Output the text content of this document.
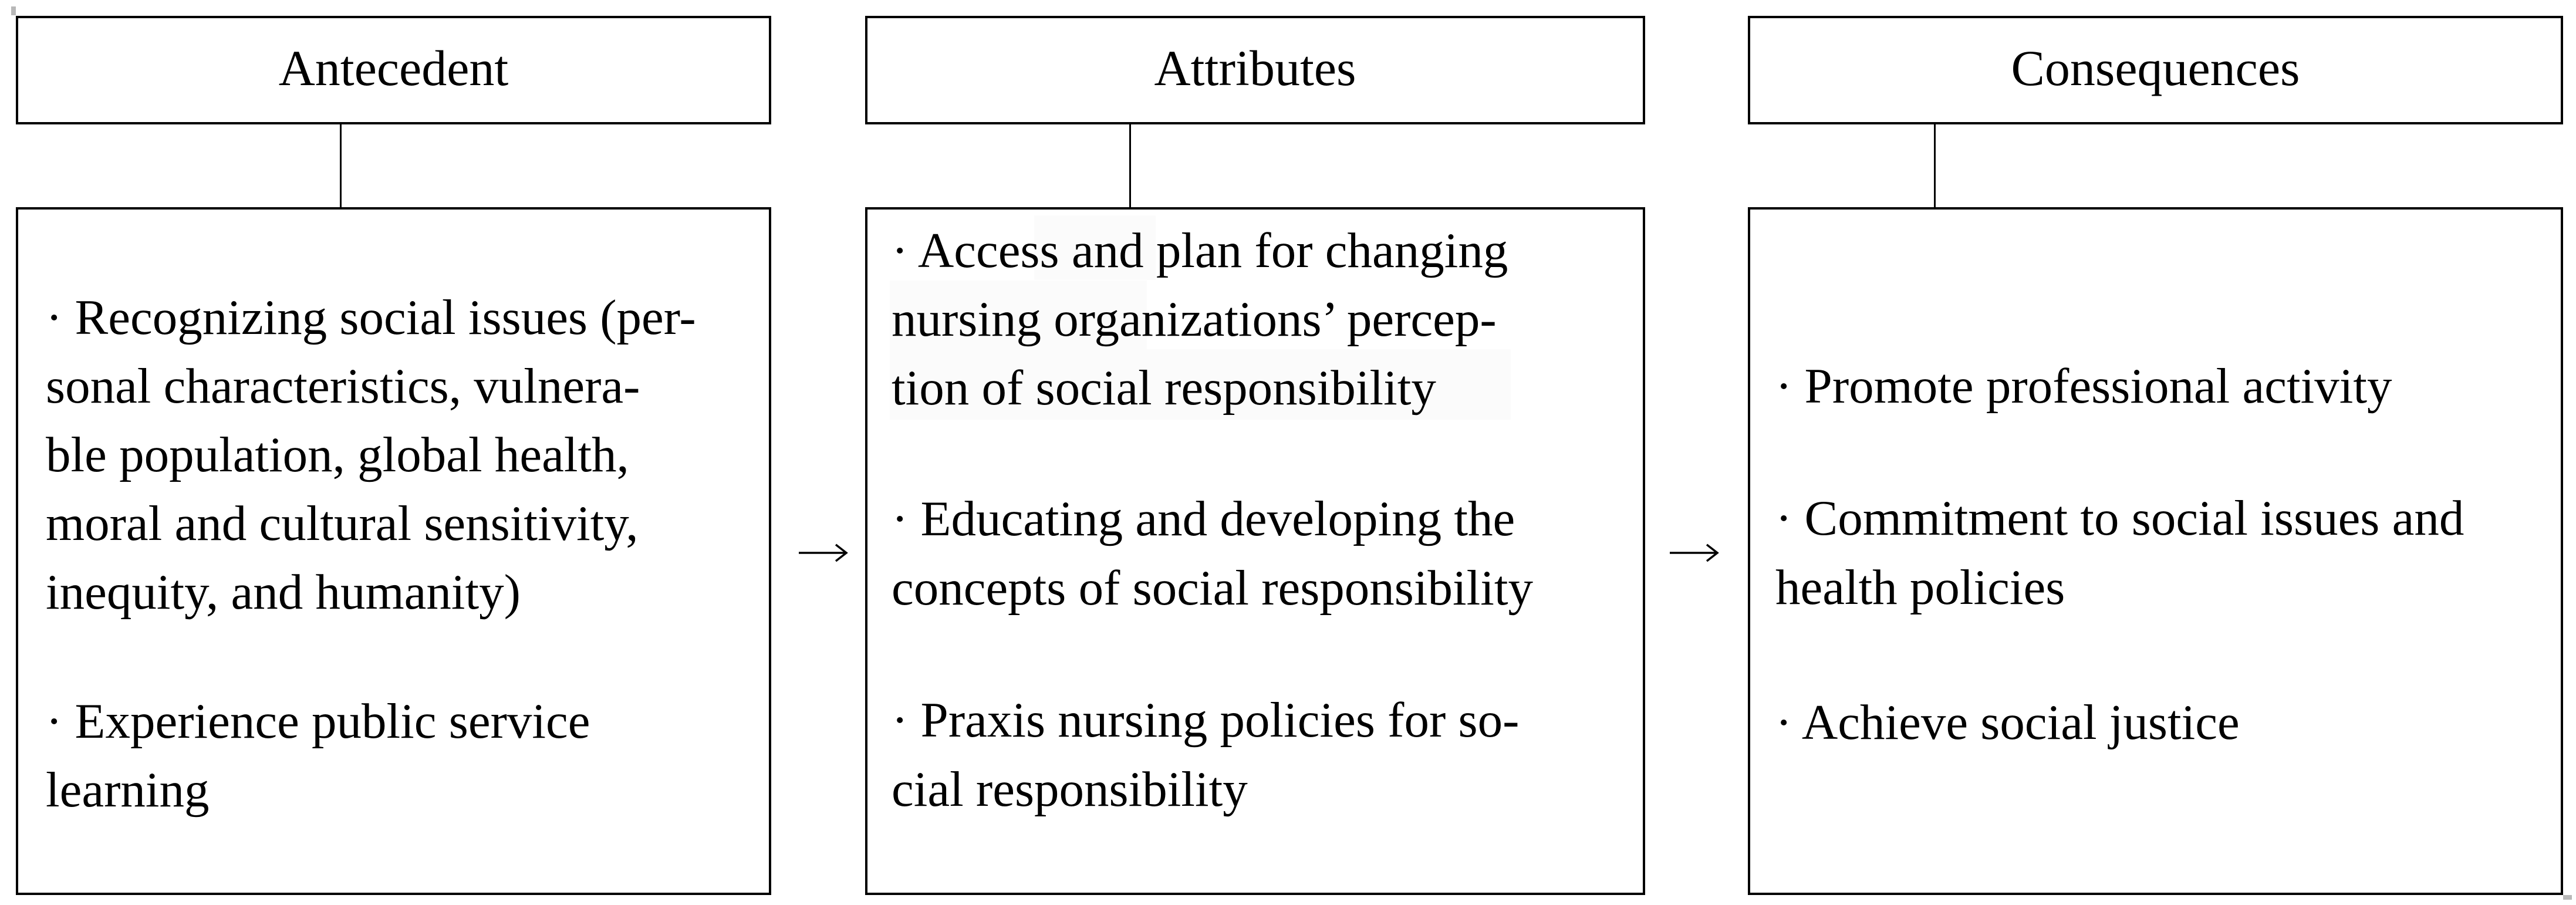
Antecedent
· Recognizing social issues (per-
sonal characteristics, vulnera-
ble population, global health,
moral and cultural sensitivity,
inequity, and humanity)
· Experience public service
learning
Attributes
· Access and plan for changing
nursing organizations’ percep-
tion of social responsibility
· Educating and developing the
concepts of social responsibility
· Praxis nursing policies for so-
cial responsibility
Consequences
· Promote professional activity
· Commitment to social issues and
health policies
· Achieve social justice
